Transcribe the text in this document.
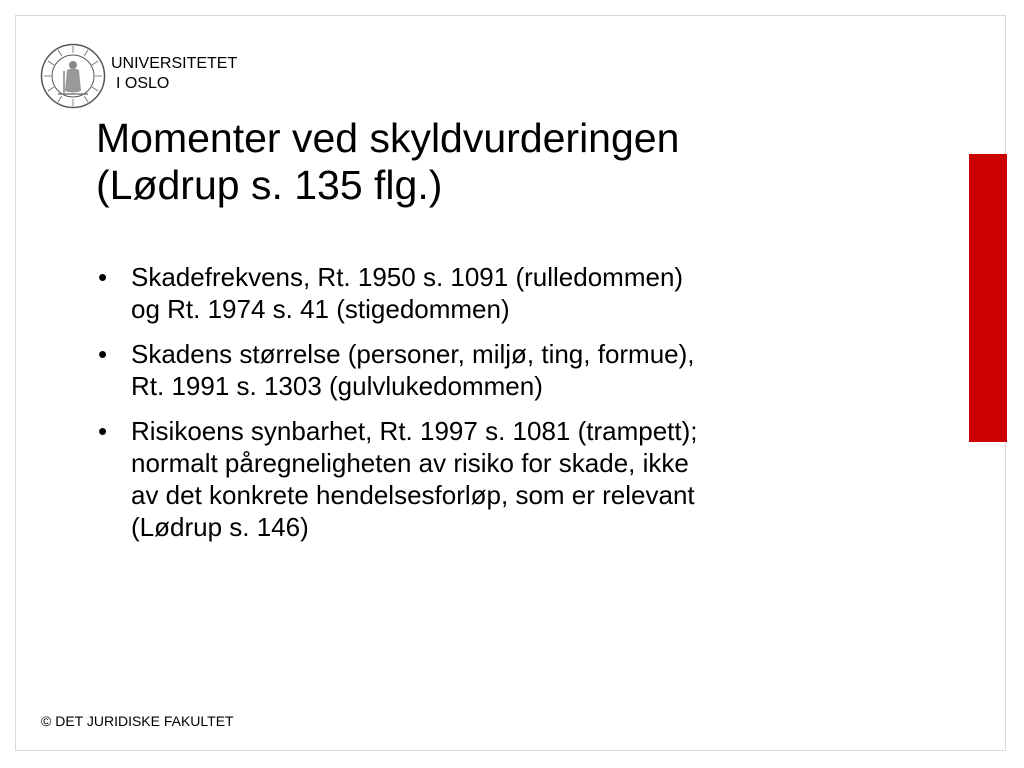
UNIVERSITETET
I OSLO
Momenter ved skyldvurderingen
(Lødrup s. 135 flg.)
• Skadefrekvens, Rt. 1950 s. 1091 (rulledommen)
og Rt. 1974 s. 41 (stigedommen)
• Skadens størrelse (personer, miljø, ting, formue),
Rt. 1991 s. 1303 (gulvlukedommen)
• Risikoens synbarhet, Rt. 1997 s. 1081 (trampett);
normalt påregneligheten av risiko for skade, ikke
av det konkrete hendelsesforløp, som er relevant
(Lødrup s. 146)
© DET JURIDISKE FAKULTET
